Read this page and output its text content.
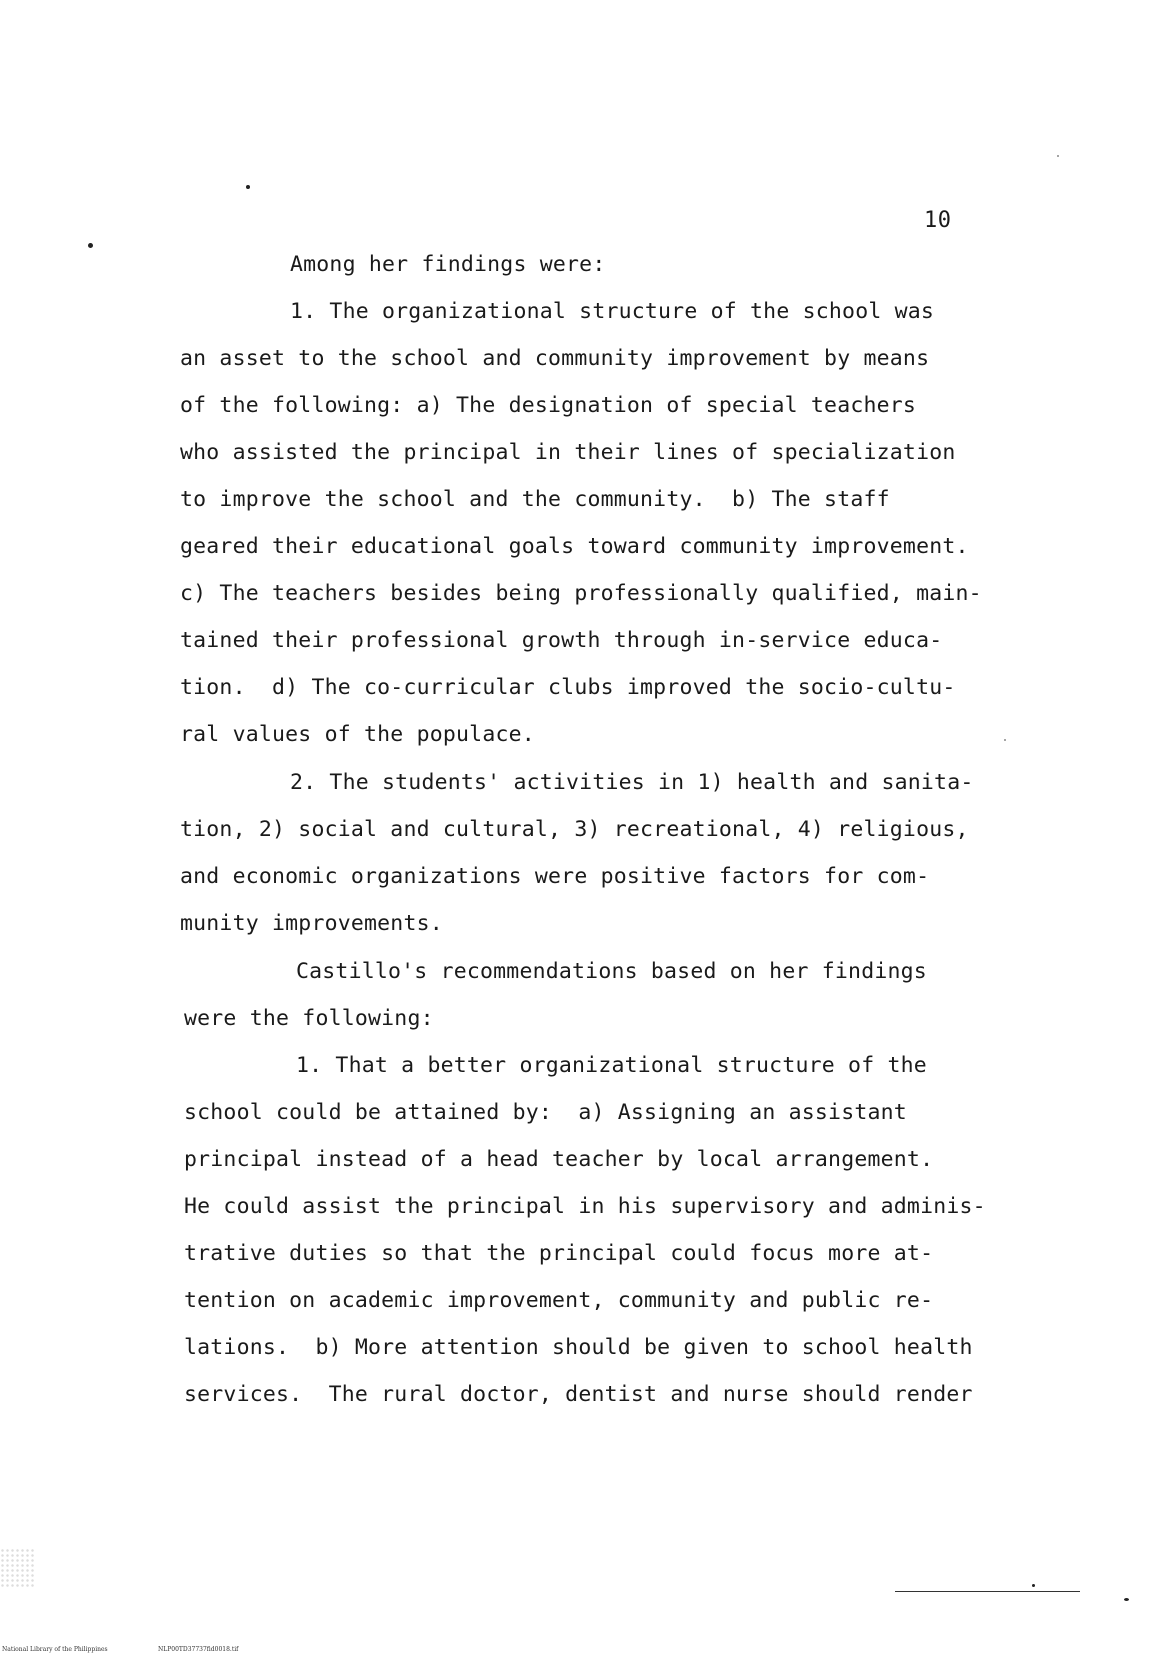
10
Among her findings were:
1. The organizational structure of the school was
an asset to the school and community improvement by means
of the following: a) The designation of special teachers
who assisted the principal in their lines of specialization
to improve the school and the community.  b) The staff
geared their educational goals toward community improvement.
c) The teachers besides being professionally qualified, main-
tained their professional growth through in-service educa-
tion.  d) The co-curricular clubs improved the socio-cultu-
ral values of the populace.
2. The students' activities in 1) health and sanita-
tion, 2) social and cultural, 3) recreational, 4) religious,
and economic organizations were positive factors for com-
munity improvements.
Castillo's recommendations based on her findings
were the following:
1. That a better organizational structure of the
school could be attained by:  a) Assigning an assistant
principal instead of a head teacher by local arrangement.
He could assist the principal in his supervisory and adminis-
trative duties so that the principal could focus more at-
tention on academic improvement, community and public re-
lations.  b) More attention should be given to school health
services.  The rural doctor, dentist and nurse should render
National Library of the Philippines	NLP00TD37737fid0018.tif
